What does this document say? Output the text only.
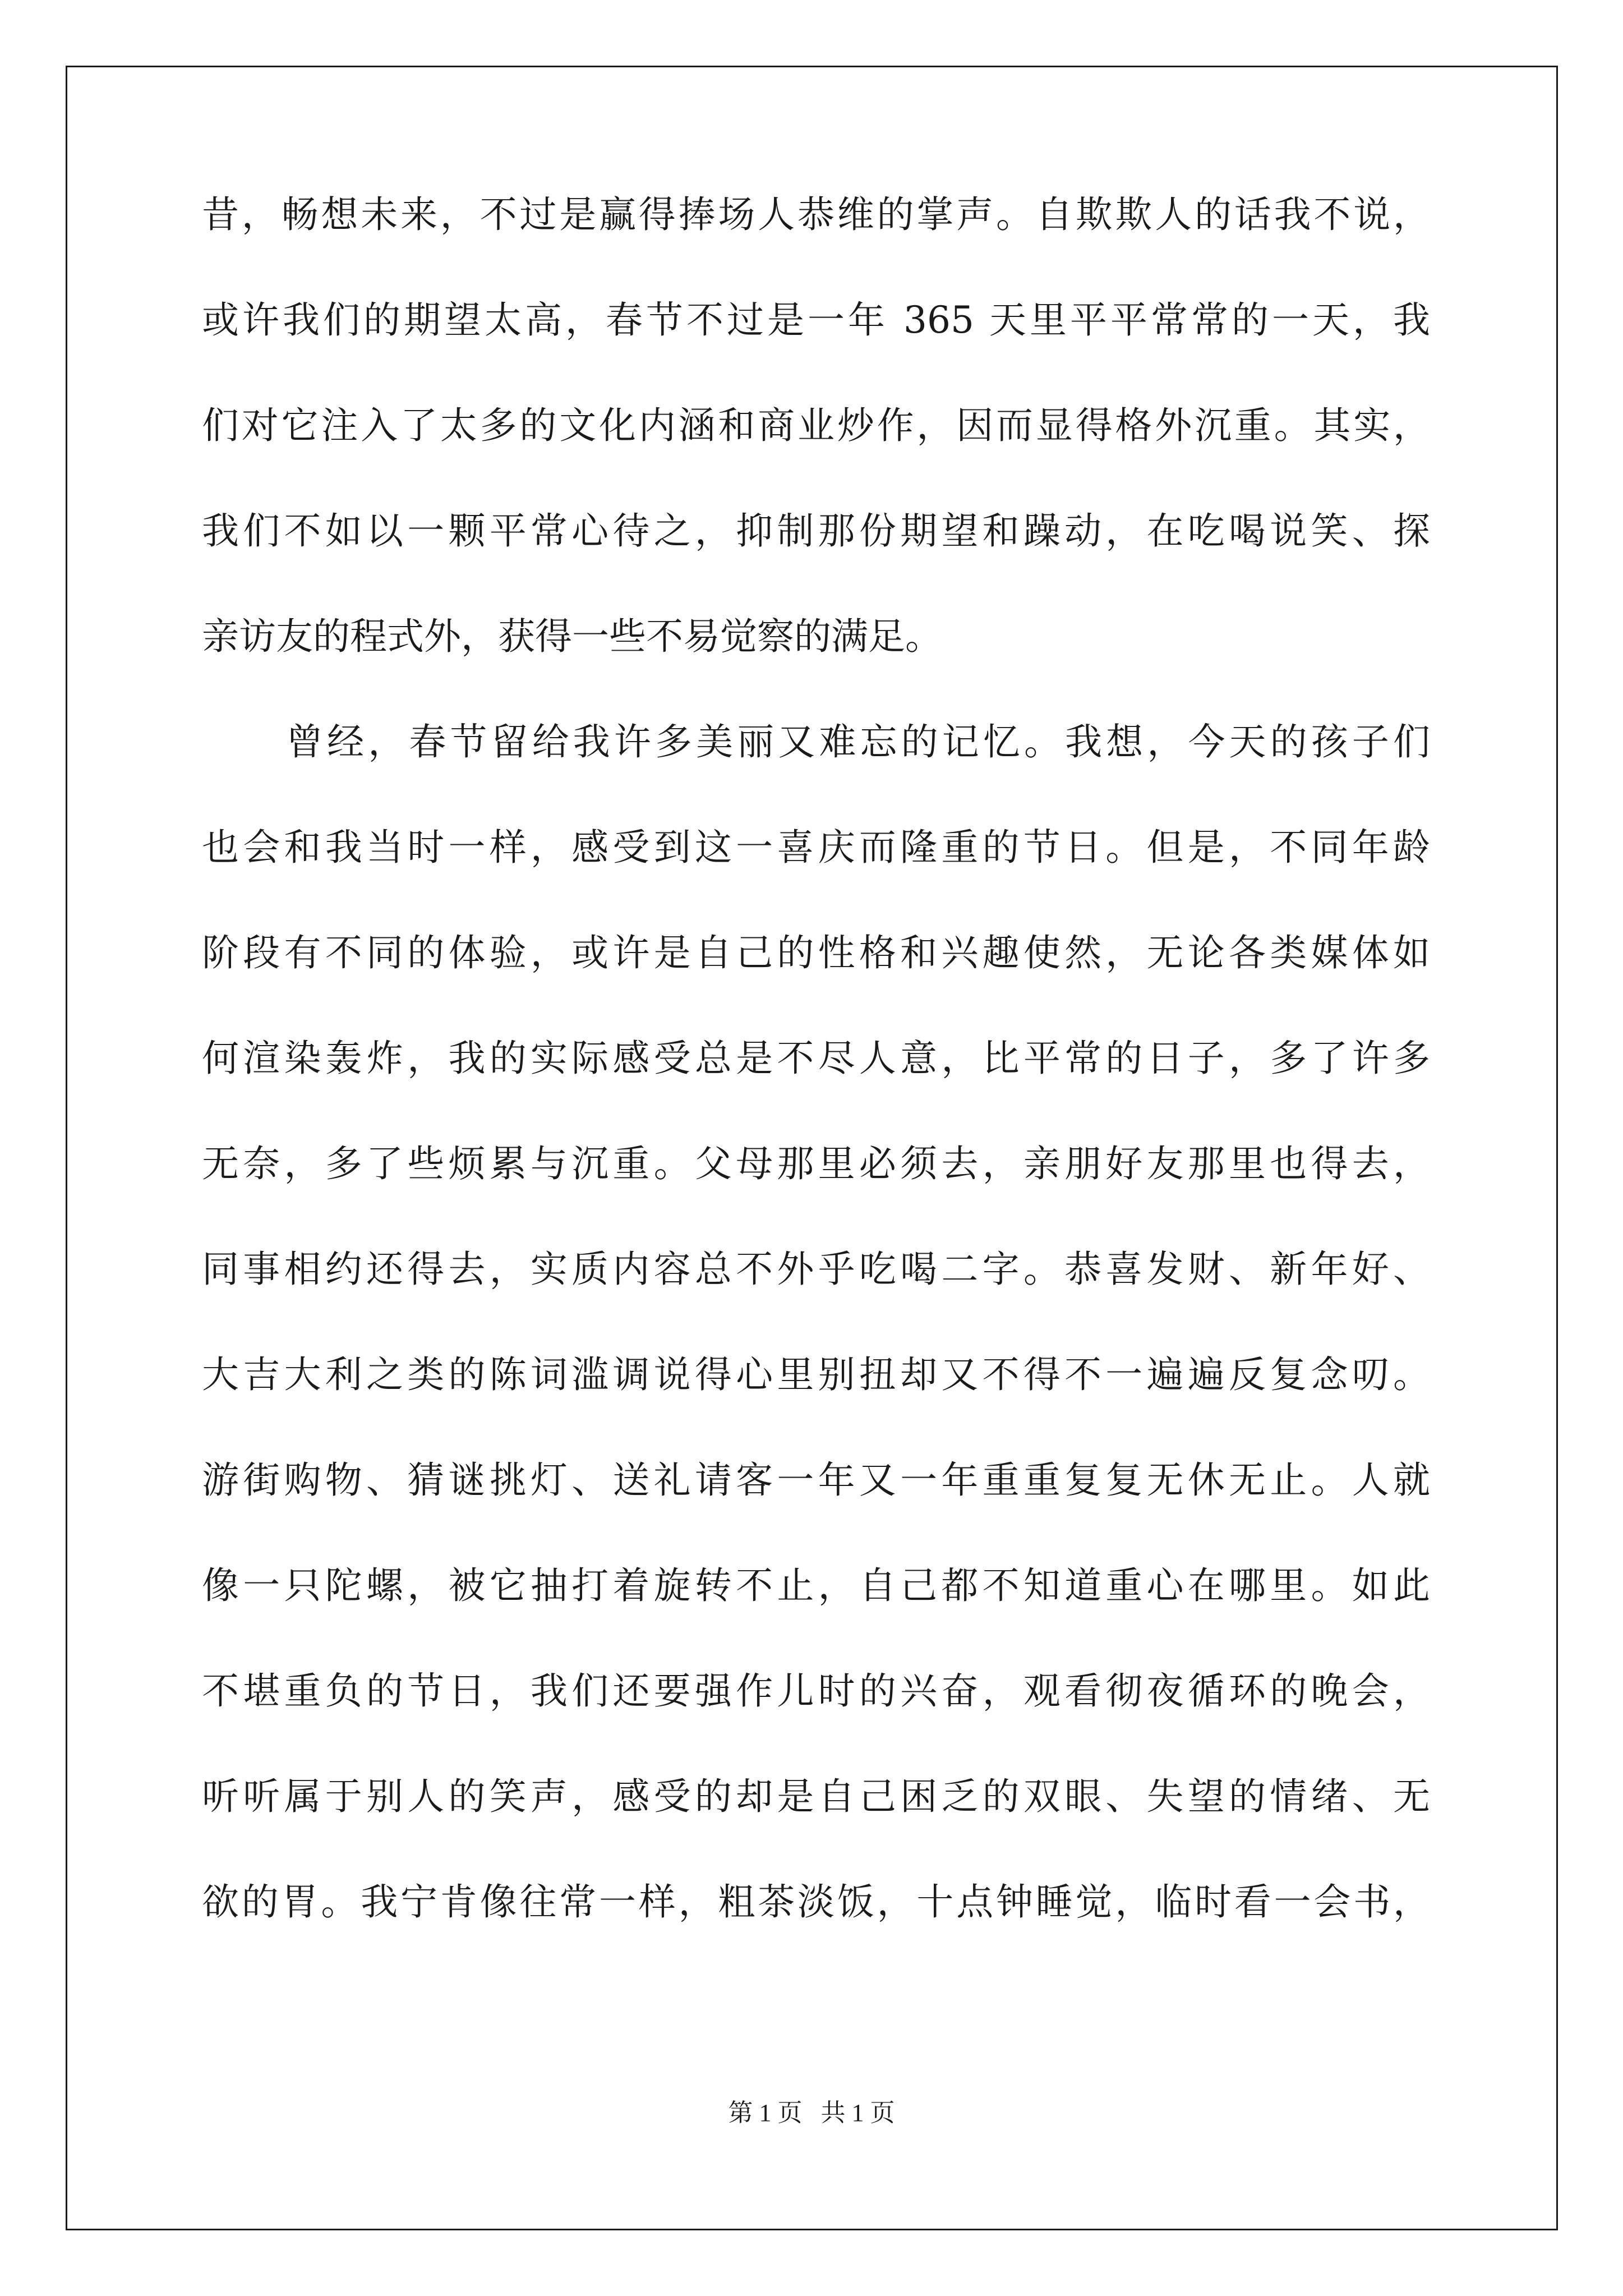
昔，畅想未来，不过是赢得捧场人恭维的掌声。自欺欺人的话我不说，
或许我们的期望太高，春节不过是一年 365 天里平平常常的一天，我
们对它注入了太多的文化内涵和商业炒作，因而显得格外沉重。其实，
我们不如以一颗平常心待之，抑制那份期望和躁动，在吃喝说笑、探
亲访友的程式外，获得一些不易觉察的满足。
曾经，春节留给我许多美丽又难忘的记忆。我想，今天的孩子们
也会和我当时一样，感受到这一喜庆而隆重的节日。但是，不同年龄
阶段有不同的体验，或许是自己的性格和兴趣使然，无论各类媒体如
何渲染轰炸，我的实际感受总是不尽人意，比平常的日子，多了许多
无奈，多了些烦累与沉重。父母那里必须去，亲朋好友那里也得去，
同事相约还得去，实质内容总不外乎吃喝二字。恭喜发财、新年好、
大吉大利之类的陈词滥调说得心里别扭却又不得不一遍遍反复念叨。
游街购物、猜谜挑灯、送礼请客一年又一年重重复复无休无止。人就
像一只陀螺，被它抽打着旋转不止，自己都不知道重心在哪里。如此
不堪重负的节日，我们还要强作儿时的兴奋，观看彻夜循环的晚会，
听听属于别人的笑声，感受的却是自己困乏的双眼、失望的情绪、无
欲的胃。我宁肯像往常一样，粗茶淡饭，十点钟睡觉，临时看一会书，
第 1 页 共 1 页
